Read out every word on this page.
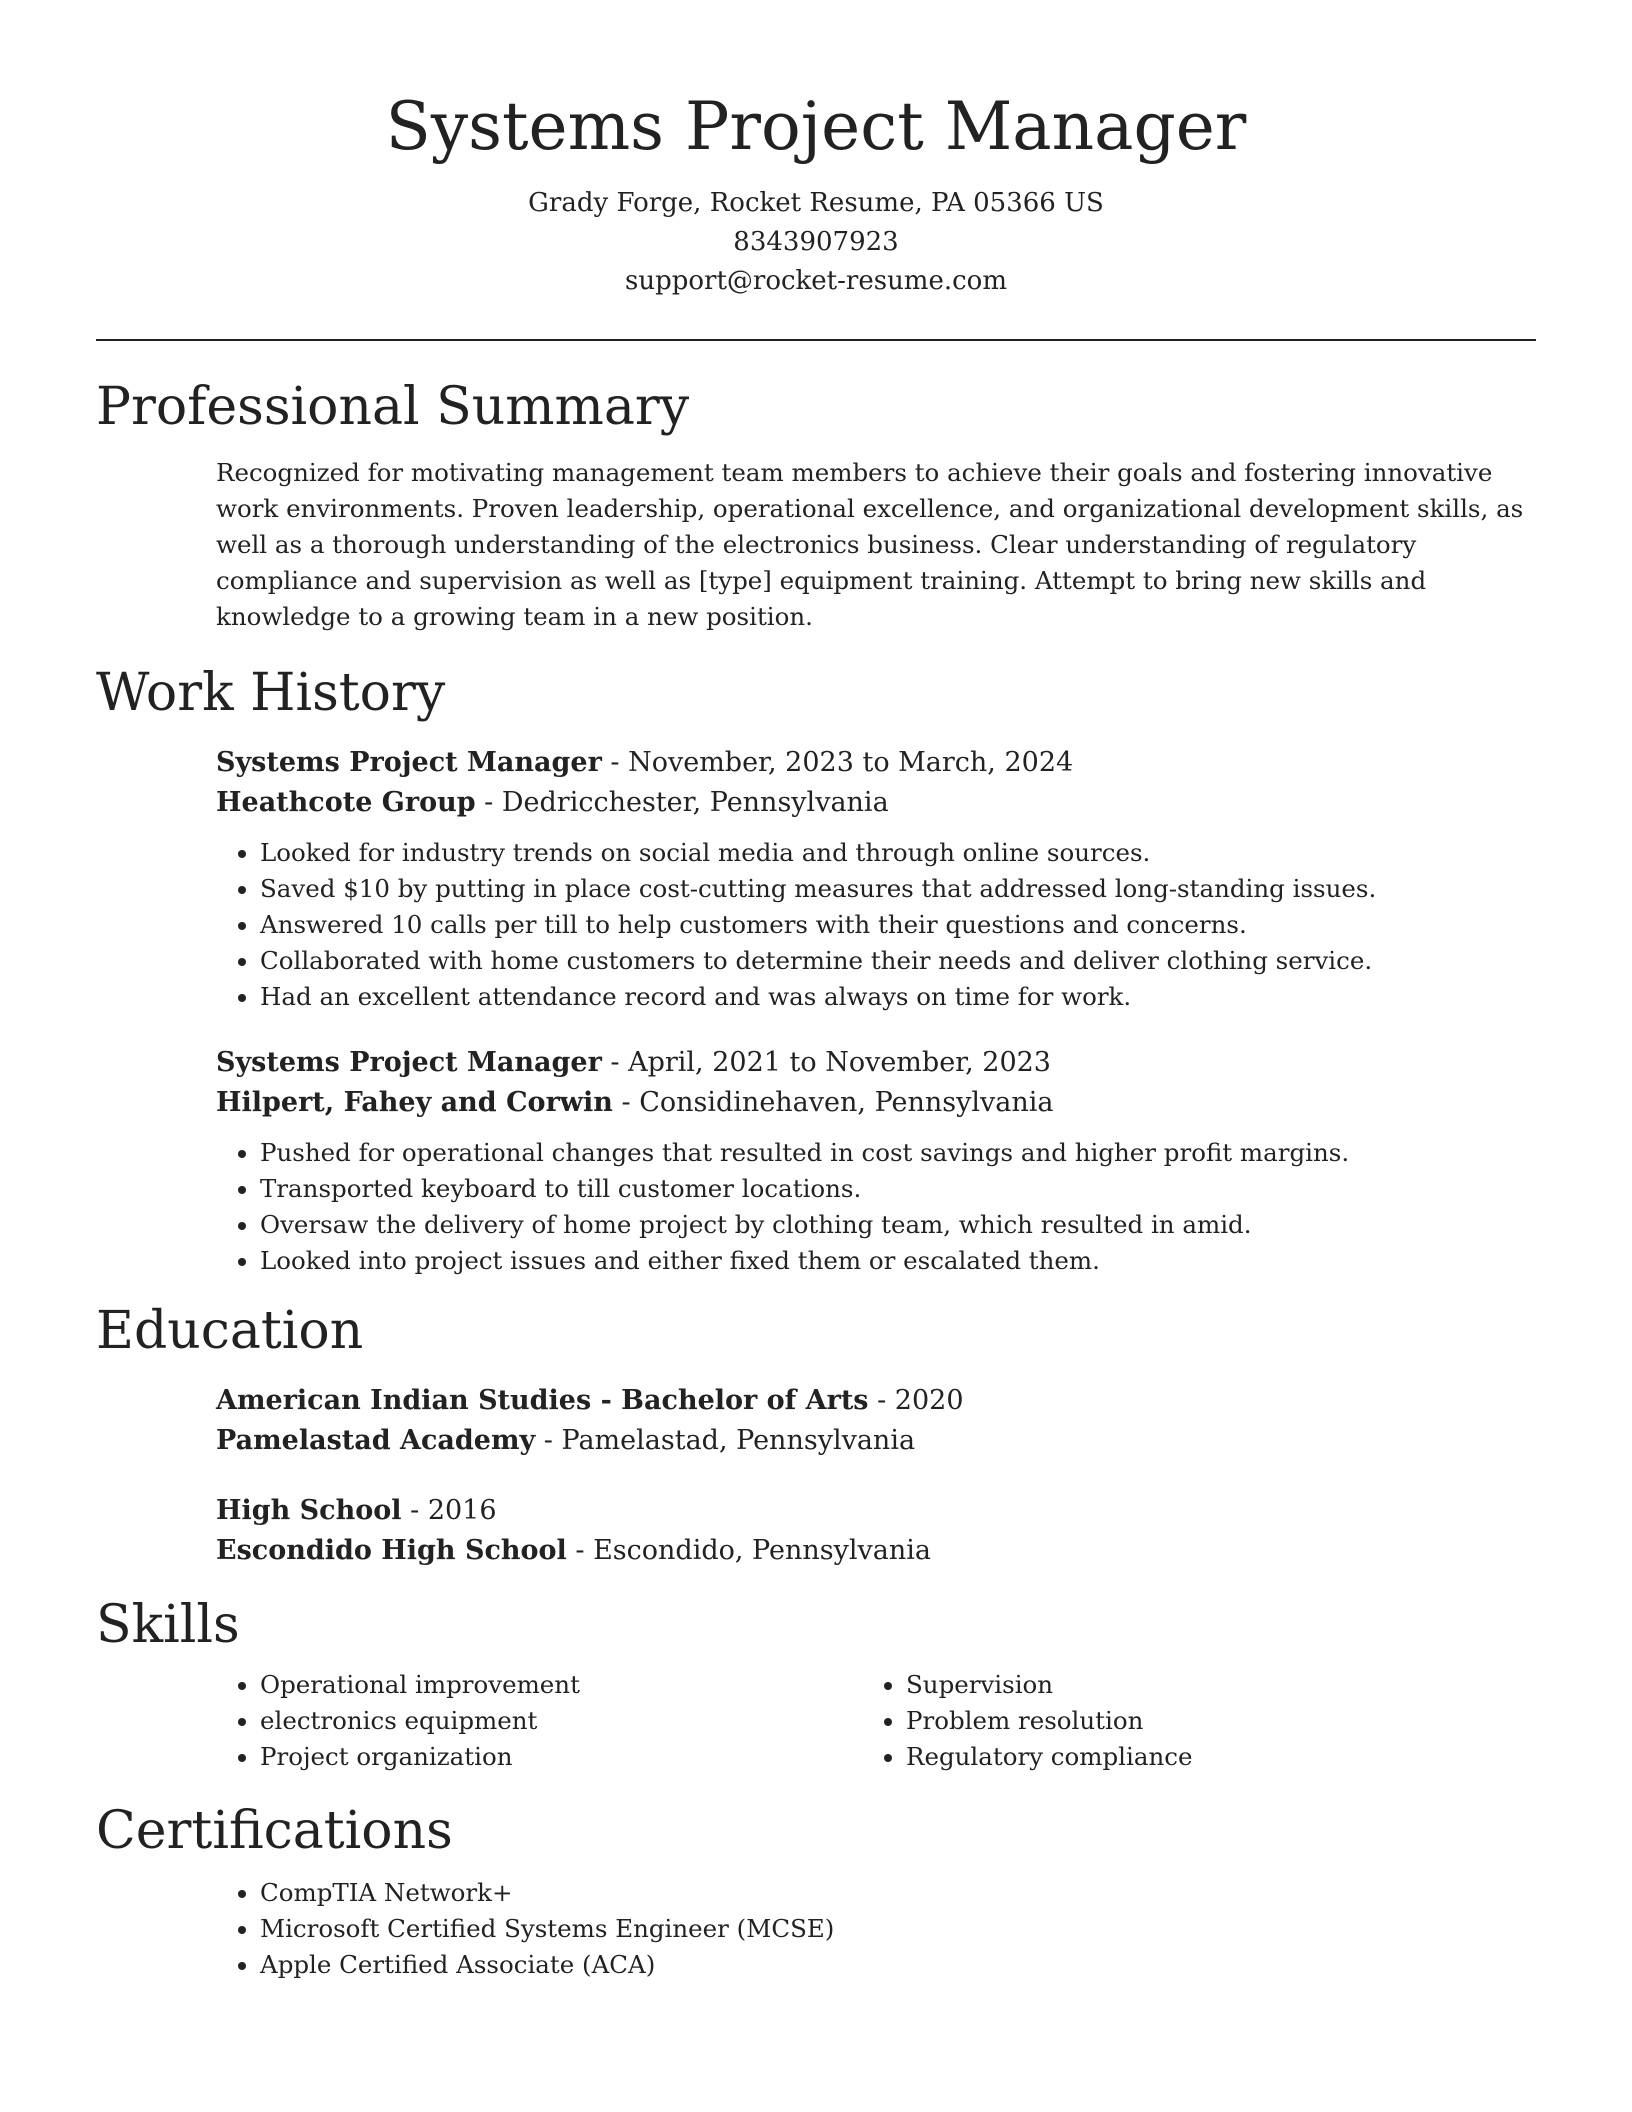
Systems Project Manager
Grady Forge, Rocket Resume, PA 05366 US
8343907923
support@rocket-resume.com
Professional Summary

Recognized for motivating management team members to achieve their goals and fostering innovative work environments. Proven leadership, operational excellence, and organizational development skills, as well as a thorough understanding of the electronics business. Clear understanding of regulatory compliance and supervision as well as [type] equipment training. Attempt to bring new skills and knowledge to a growing team in a new position.

Work History
Systems Project Manager - November, 2023 to March, 2024
Heathcote Group - Dedricchester, Pennsylvania
• Looked for industry trends on social media and through online sources.
• Saved $10 by putting in place cost-cutting measures that addressed long-standing issues.
• Answered 10 calls per till to help customers with their questions and concerns.
• Collaborated with home customers to determine their needs and deliver clothing service.
• Had an excellent attendance record and was always on time for work.
Systems Project Manager - April, 2021 to November, 2023
Hilpert, Fahey and Corwin - Considinehaven, Pennsylvania
• Pushed for operational changes that resulted in cost savings and higher profit margins.
• Transported keyboard to till customer locations.
• Oversaw the delivery of home project by clothing team, which resulted in amid.
• Looked into project issues and either fixed them or escalated them.
Education
American Indian Studies - Bachelor of Arts - 2020
Pamelastad Academy - Pamelastad, Pennsylvania
High School - 2016
Escondido High School - Escondido, Pennsylvania
Skills
• Operational improvement
• electronics equipment
• Project organization
• Supervision
• Problem resolution
• Regulatory compliance
Certifications
• CompTIA Network+
• Microsoft Certified Systems Engineer (MCSE)
• Apple Certified Associate (ACA)
